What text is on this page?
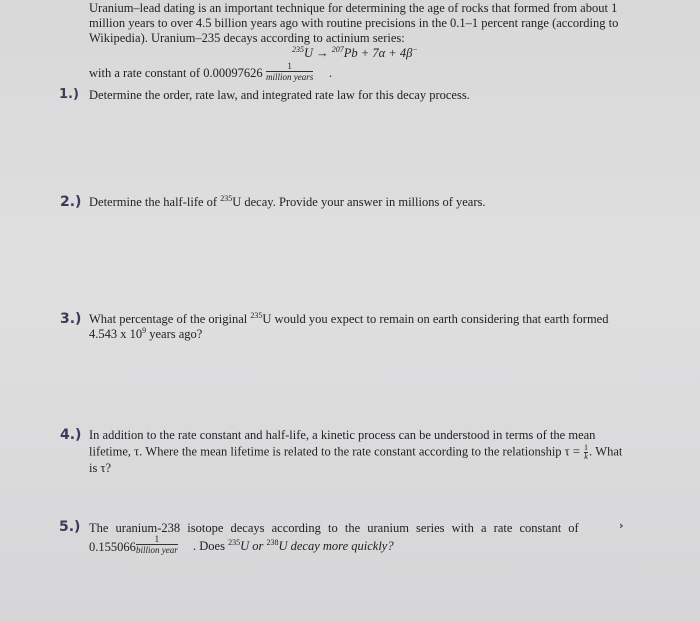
Uranium–lead dating is an important technique for determining the age of rocks that formed from about 1
million years to over 4.5 billion years ago with routine precisions in the 0.1–1 percent range (according to
Wikipedia). Uranium–235 decays according to actinium series:
$^{235}$U → $^{207}$Pb + 7α + 4β−
with a rate constant of 0.00097626	1
million years .
1.) Determine the order, rate law, and integrated rate law for this decay process.
2.) Determine the half-life of $^{235}$U decay. Provide your answer in millions of years.
3.) What percentage of the original $^{235}$U would you expect to remain on earth considering that earth formed
4.543 x $10^9$ years ago?
4.) In addition to the rate constant and half-life, a kinetic process can be understood in terms of the mean
lifetime, τ. Where the mean lifetime is related to the rate constant according to the relationship $\tau = \frac{1}{k}$ . What
is τ?
5.) The uranium-238 isotope decays according to the uranium series with a rate constant of	›
0.155066
1
billion year . Does $^{235}$U or $^{238}$U decay more quickly?
